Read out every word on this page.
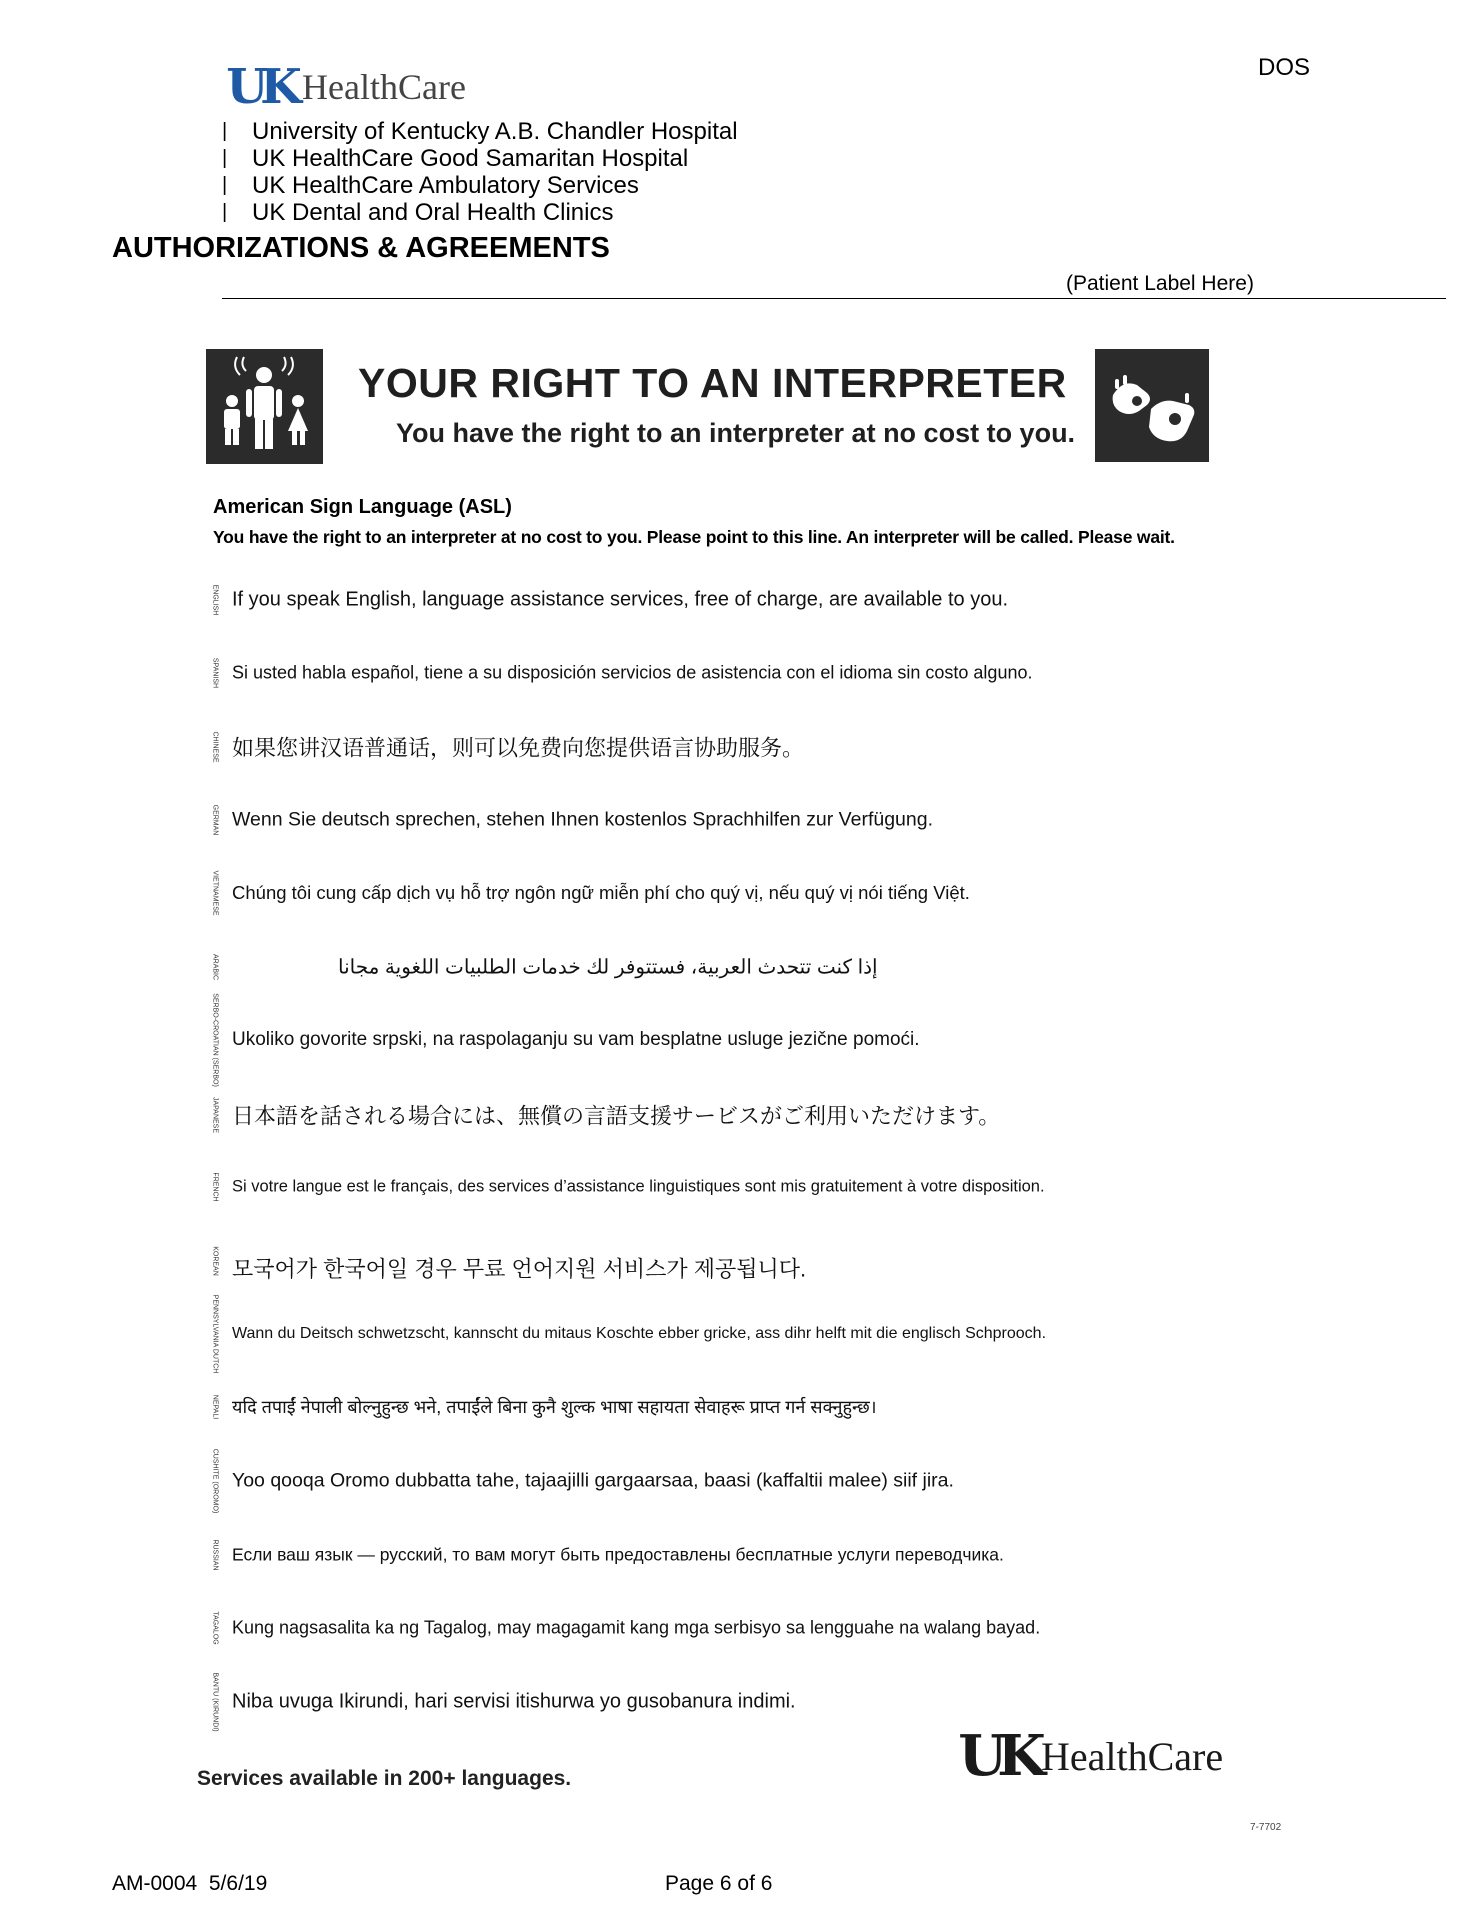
UK HealthCare
|	University of Kentucky A.B. Chandler Hospital
|	UK HealthCare Good Samaritan Hospital
|	UK HealthCare Ambulatory Services
|	UK Dental and Oral Health Clinics
DOS
AUTHORIZATIONS & AGREEMENTS
(Patient Label Here)
YOUR RIGHT TO AN INTERPRETER
You have the right to an interpreter at no cost to you.
American Sign Language (ASL)
You have the right to an interpreter at no cost to you. Please point to this line. An interpreter will be called. Please wait.
ENGLISH If you speak English, language assistance services, free of charge, are available to you.
SPANISH Si usted habla español, tiene a su disposición servicios de asistencia con el idioma sin costo alguno.
CHINESE 如果您讲汉语普通话，则可以免费向您提供语言协助服务。
GERMAN Wenn Sie deutsch sprechen, stehen Ihnen kostenlos Sprachhilfen zur Verfügung.
VIETNAMESE Chúng tôi cung cấp dịch vụ hỗ trợ ngôn ngữ miễn phí cho quý vị, nếu quý vị nói tiếng Việt.
ARABIC	إذا كنت تتحدث العربية، فستتوفر لك خدمات الطلبيات اللغوية مجانا
SERBO-CROATIAN (SERBO) Ukoliko govorite srpski, na raspolaganju su vam besplatne usluge jezične pomoći.
JAPANESE 日本語を話される場合には、無償の言語支援サービスがご利用いただけます。
FRENCH Si votre langue est le français, des services d’assistance linguistiques sont mis gratuitement à votre disposition.
KOREAN 모국어가 한국어일 경우 무료 언어지원 서비스가 제공됩니다.
PENNSYLVANIA DUTCH Wann du Deitsch schwetzscht, kannscht du mitaus Koschte ebber gricke, ass dihr helft mit die englisch Schprooch.
NEPALI यदि तपाईं नेपाली बोल्नुहुन्छ भने, तपाईंले बिना कुनै शुल्क भाषा सहायता सेवाहरू प्राप्त गर्न सक्नुहुन्छ।
CUSHITE (OROMO) Yoo qooqa Oromo dubbatta tahe, tajaajilli gargaarsaa, baasi (kaffaltii malee) siif jira.
RUSSIAN Если ваш язык — русский, то вам могут быть предоставлены бесплатные услуги переводчика.
TAGALOG Kung nagsasalita ka ng Tagalog, may magagamit kang mga serbisyo sa lengguahe na walang bayad.
BANTU (KIRUNDI) Niba uvuga Ikirundi, hari servisi itishurwa yo gusobanura indimi.
Services available in 200+ languages.	UK HealthCare
7-7702
AM-0004  5/6/19	Page 6 of 6
